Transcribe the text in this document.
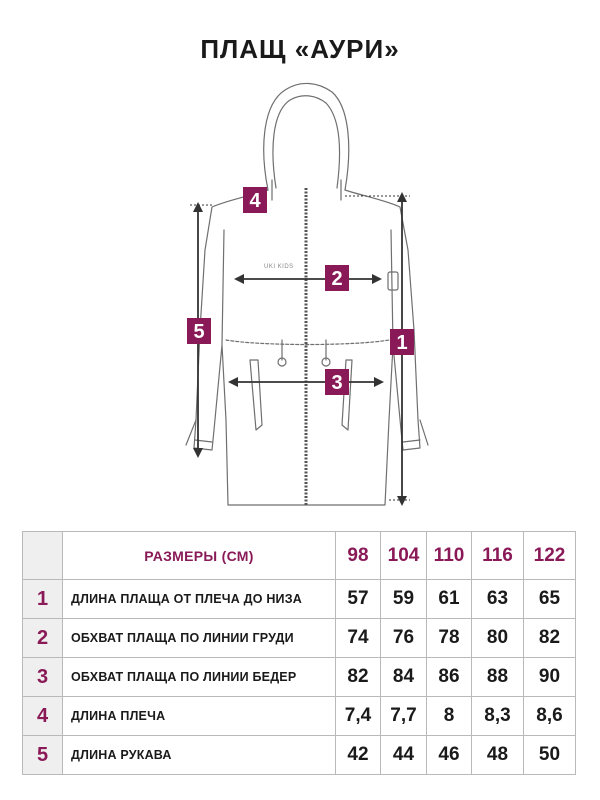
ПЛАЩ «АУРИ»
UKI KIDS
4
2
5	1
3
	РАЗМЕРЫ (СМ)	98	104	110	116	122
1	ДЛИНА ПЛАЩА ОТ ПЛЕЧА ДО НИЗА	57	59	61	63	65
2	ОБХВАТ ПЛАЩА ПО ЛИНИИ ГРУДИ	74	76	78	80	82
3	ОБХВАТ ПЛАЩА ПО ЛИНИИ БЕДЕР	82	84	86	88	90
4	ДЛИНА ПЛЕЧА	7,4	7,7	8	8,3	8,6
5	ДЛИНА РУКАВА	42	44	46	48	50
